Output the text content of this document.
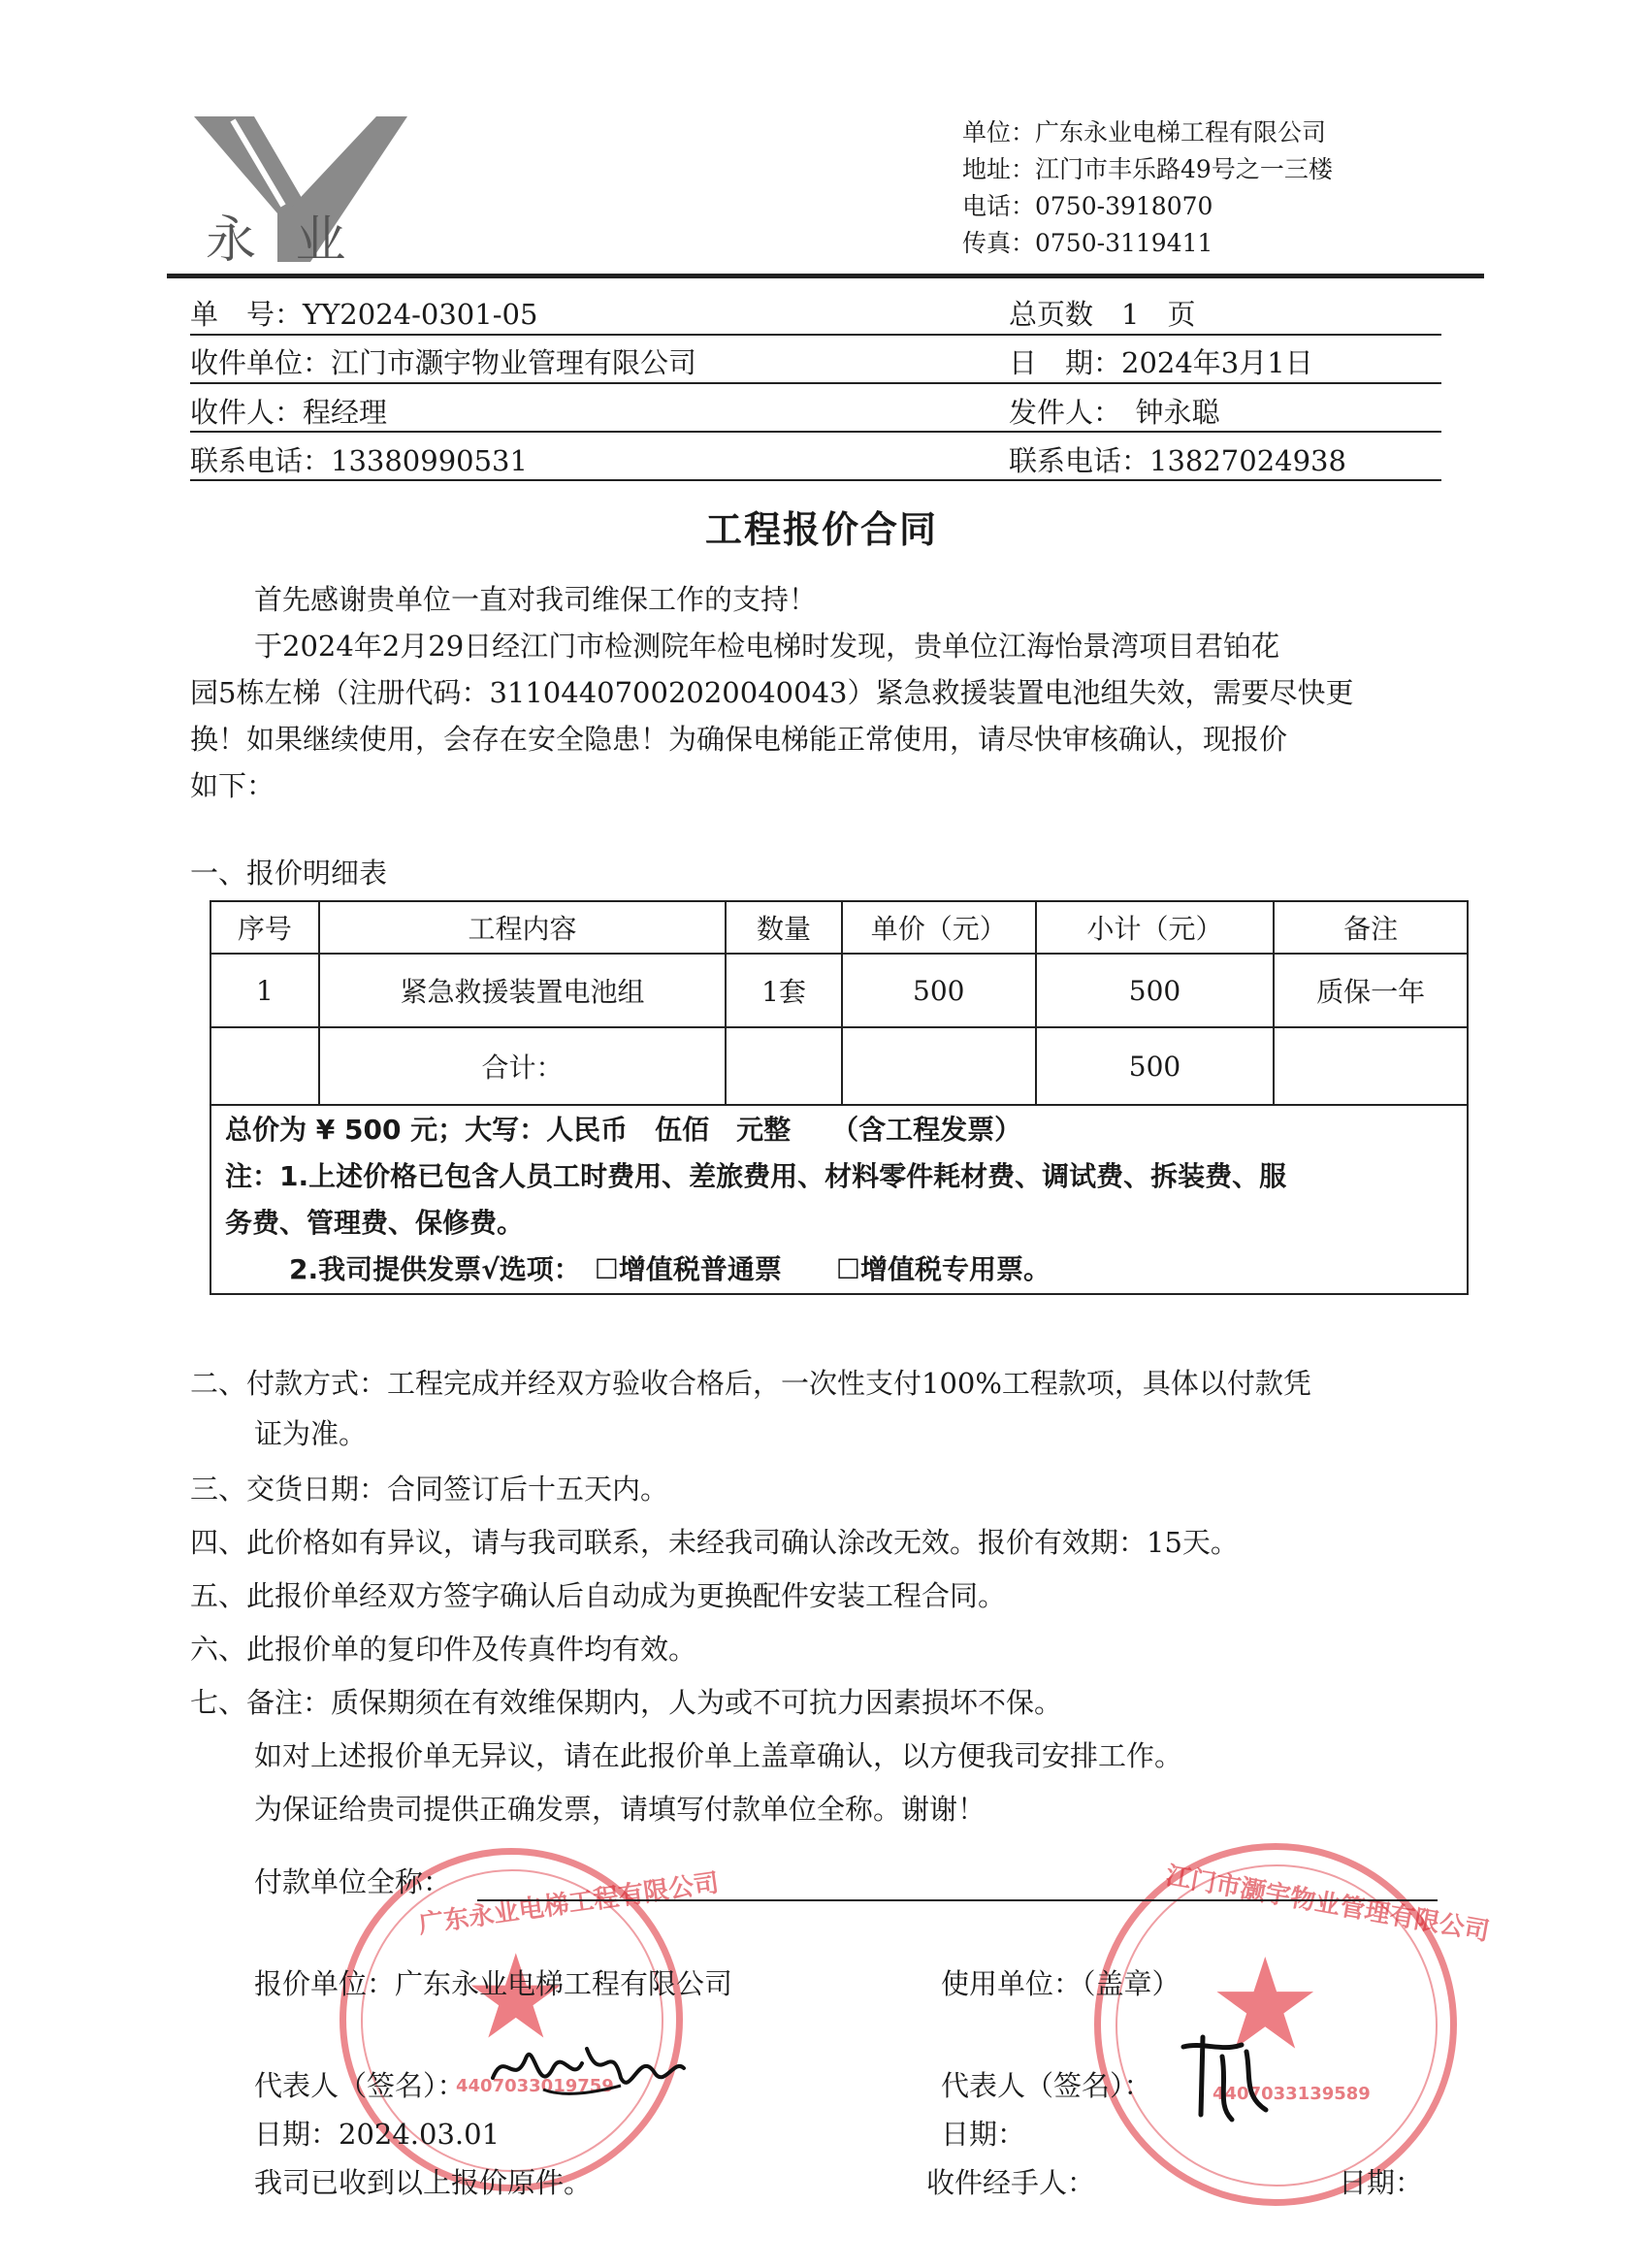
永 业
单位：广东永业电梯工程有限公司
地址：江门市丰乐路49号之一三楼
电话：0750-3918070
传真：0750-3119411
单　号：YY2024-0301-05	总页数　1　页
收件单位：江门市灏宇物业管理有限公司	日　期：2024年3月1日
收件人：程经理	发件人：　钟永聪
联系电话：13380990531	联系电话：13827024938
工程报价合同
首先感谢贵单位一直对我司维保工作的支持！
于2024年2月29日经江门市检测院年检电梯时发现，贵单位江海怡景湾项目君铂花
园5栋左梯（注册代码：31104407002020040043）紧急救援装置电池组失效，需要尽快更
换！如果继续使用，会存在安全隐患！为确保电梯能正常使用，请尽快审核确认，现报价
如下：
一、报价明细表
序号	工程内容	数量	单价（元）	小计（元）	备注
1	紧急救援装置电池组	1套	500	500	质保一年
	合计：			500	
总价为 ¥ 500 元；大写：人民币　伍佰　元整　　（含工程发票）
注：1.上述价格已包含人员工时费用、差旅费用、材料零件耗材费、调试费、拆装费、服
务费、管理费、保修费。
2.我司提供发票√选项：　☐增值税普通票　　☐增值税专用票。
二、付款方式：工程完成并经双方验收合格后，一次性支付100%工程款项，具体以付款凭
证为准。
三、交货日期：合同签订后十五天内。
四、此价格如有异议，请与我司联系，未经我司确认涂改无效。报价有效期：15天。
五、此报价单经双方签字确认后自动成为更换配件安装工程合同。
六、此报价单的复印件及传真件均有效。
七、备注：质保期须在有效维保期内，人为或不可抗力因素损坏不保。
如对上述报价单无异议，请在此报价单上盖章确认，以方便我司安排工作。
为保证给贵司提供正确发票，请填写付款单位全称。谢谢！
★
广东永业电梯工程有限公司
4407033019759
★
江门市灏宇物业管理有限公司
4407033139589
付款单位全称：
报价单位：广东永业电梯工程有限公司	使用单位：（盖章）
代表人（签名）：	代表人（签名）：
日期：2024.03.01	日期：
我司已收到以上报价原件。	收件经手人：	日期：
